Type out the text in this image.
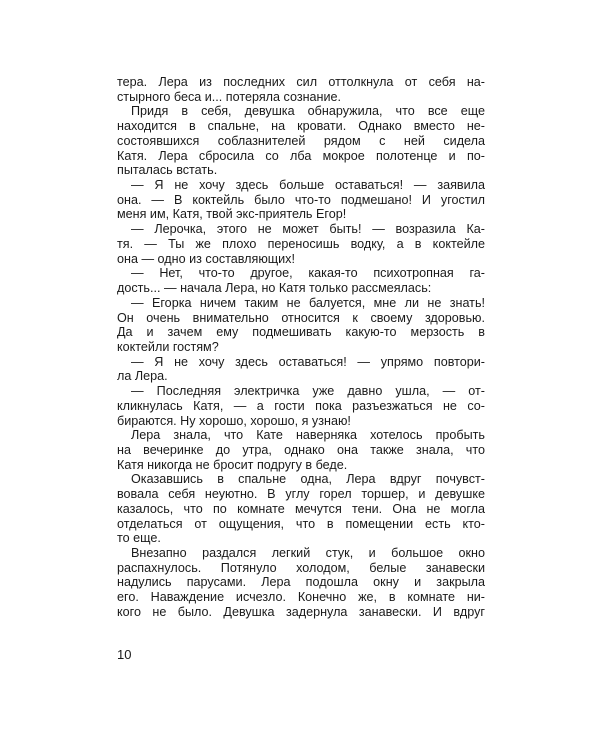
тера. Лера из последних сил оттолкнула от себя на-
стырного беса и... потеряла сознание.
Придя в себя, девушка обнаружила, что все еще
находится в спальне, на кровати. Однако вместо не-
состоявшихся соблазнителей рядом с ней сидела
Катя. Лера сбросила со лба мокрое полотенце и по-
пыталась встать.
— Я не хочу здесь больше оставаться! — заявила
она. — В коктейль было что-то подмешано! И угостил
меня им, Катя, твой экс-приятель Егор!
— Лерочка, этого не может быть! — возразила Ка-
тя. — Ты же плохо переносишь водку, а в коктейле
она — одно из составляющих!
— Нет, что-то другое, какая-то психотропная га-
дость... — начала Лера, но Катя только рассмеялась:
— Егорка ничем таким не балуется, мне ли не знать!
Он очень внимательно относится к своему здоровью.
Да и зачем ему подмешивать какую-то мерзость в
коктейли гостям?
— Я не хочу здесь оставаться! — упрямо повтори-
ла Лера.
— Последняя электричка уже давно ушла, — от-
кликнулась Катя, — а гости пока разъезжаться не со-
бираются. Ну хорошо, хорошо, я узнаю!
Лера знала, что Кате наверняка хотелось пробыть
на вечеринке до утра, однако она также знала, что
Катя никогда не бросит подругу в беде.
Оказавшись в спальне одна, Лера вдруг почувст-
вовала себя неуютно. В углу горел торшер, и девушке
казалось, что по комнате мечутся тени. Она не могла
отделаться от ощущения, что в помещении есть кто-
то еще.
Внезапно раздался легкий стук, и большое окно
распахнулось. Потянуло холодом, белые занавески
надулись парусами. Лера подошла окну и закрыла
его. Наваждение исчезло. Конечно же, в комнате ни-
кого не было. Девушка задернула занавески. И вдруг
10
